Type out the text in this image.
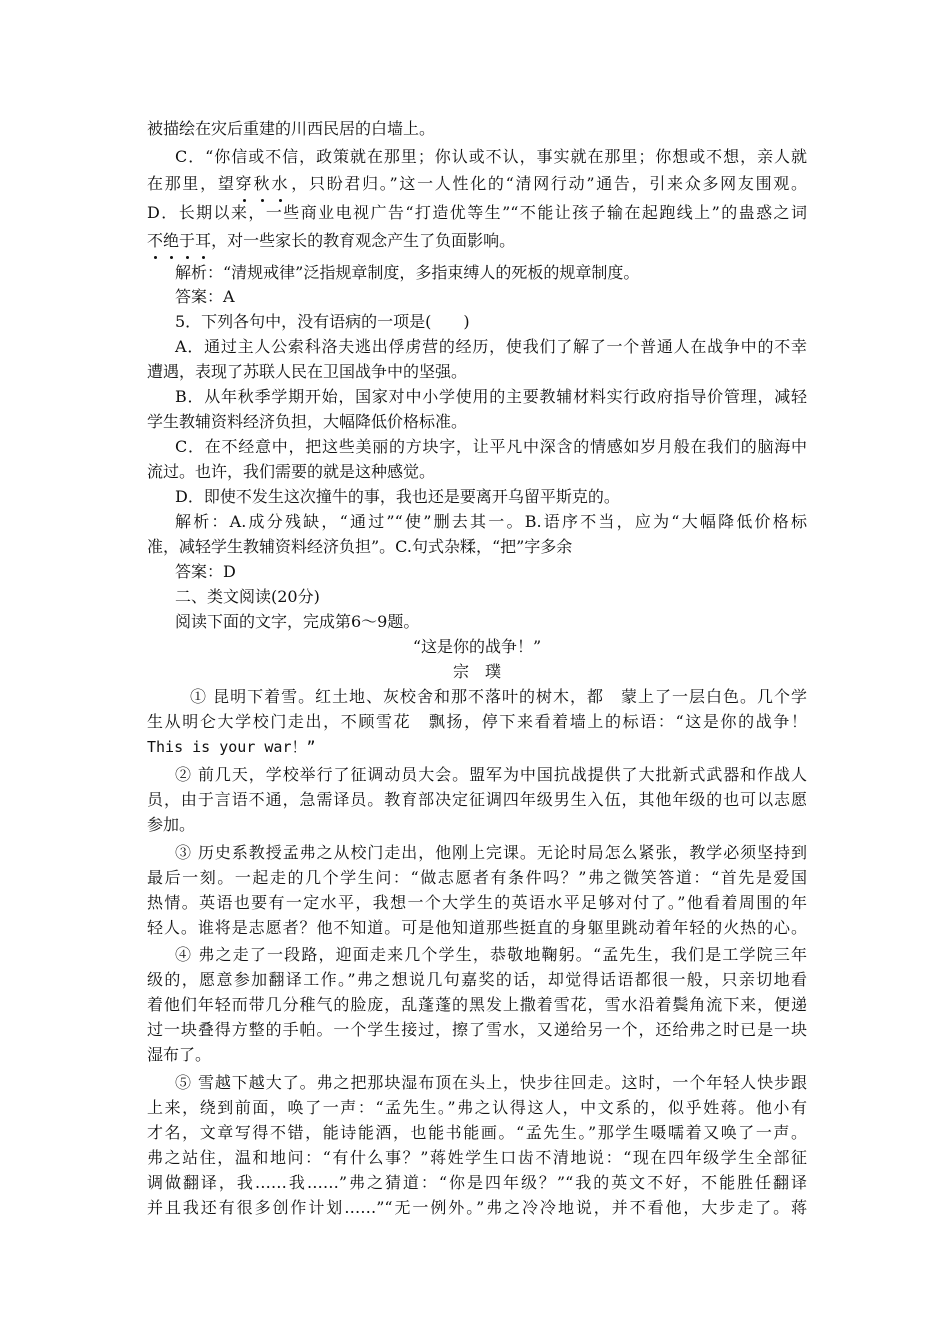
被描绘在灾后重建的川西民居的白墙上。
C．“你信或不信，政策就在那里；你认或不认，事实就在那里；你想或不想，亲人就
在那里，望穿秋水，只盼君归。”这一人性化的“清网行动”通告，引来众多网友围观。
D．长期以来，一些商业电视广告“打造优等生”“不能让孩子输在起跑线上”的蛊惑之词
不绝于耳，对一些家长的教育观念产生了负面影响。
解析：“清规戒律”泛指规章制度，多指束缚人的死板的规章制度。
答案：A
5．下列各句中，没有语病的一项是(　　)
A．通过主人公索科洛夫逃出俘虏营的经历，使我们了解了一个普通人在战争中的不幸
遭遇，表现了苏联人民在卫国战争中的坚强。
B．从年秋季学期开始，国家对中小学使用的主要教辅材料实行政府指导价管理，减轻
学生教辅资料经济负担，大幅降低价格标准。
C．在不经意中，把这些美丽的方块字，让平凡中深含的情感如岁月般在我们的脑海中
流过。也许，我们需要的就是这种感觉。
D．即使不发生这次撞牛的事，我也还是要离开乌留平斯克的。
解析：A.成分残缺，“通过”“使”删去其一。B.语序不当，应为“大幅降低价格标
准，减轻学生教辅资料经济负担”。C.句式杂糅，“把”字多余
答案：D
二、类文阅读(20分)
阅读下面的文字，完成第6～9题。
“这是你的战争！”
宗　璞
① 昆明下着雪。红土地、灰校舍和那不落叶的树木，都　蒙上了一层白色。几个学
生从明仑大学校门走出，不顾雪花　飘扬，停下来看着墙上的标语：“这是你的战争！
This is your war！”
② 前几天，学校举行了征调动员大会。盟军为中国抗战提供了大批新式武器和作战人
员，由于言语不通，急需译员。教育部决定征调四年级男生入伍，其他年级的也可以志愿
参加。
③ 历史系教授孟弗之从校门走出，他刚上完课。无论时局怎么紧张，教学必须坚持到
最后一刻。一起走的几个学生问：“做志愿者有条件吗？”弗之微笑答道：“首先是爱国
热情。英语也要有一定水平，我想一个大学生的英语水平足够对付了。”他看着周围的年
轻人。谁将是志愿者？他不知道。可是他知道那些挺直的身躯里跳动着年轻的火热的心。
④ 弗之走了一段路，迎面走来几个学生，恭敬地鞠躬。“孟先生，我们是工学院三年
级的，愿意参加翻译工作。”弗之想说几句嘉奖的话，却觉得话语都很一般，只亲切地看
着他们年轻而带几分稚气的脸庞，乱蓬蓬的黑发上撒着雪花，雪水沿着鬓角流下来，便递
过一块叠得方整的手帕。一个学生接过，擦了雪水，又递给另一个，还给弗之时已是一块
湿布了。
⑤ 雪越下越大了。弗之把那块湿布顶在头上，快步往回走。这时，一个年轻人快步跟
上来，绕到前面，唤了一声：“孟先生。”弗之认得这人，中文系的，似乎姓蒋。他小有
才名，文章写得不错，能诗能酒，也能书能画。“孟先生。”那学生嗫嚅着又唤了一声。
弗之站住，温和地问：“有什么事？”蒋姓学生口齿不清地说：“现在四年级学生全部征
调做翻译，我……我……”弗之猜道：“你是四年级？”“我的英文不好，不能胜任翻译
并且我还有很多创作计划……”“无一例外。”弗之冷冷地说，并不看他，大步走了。蒋
